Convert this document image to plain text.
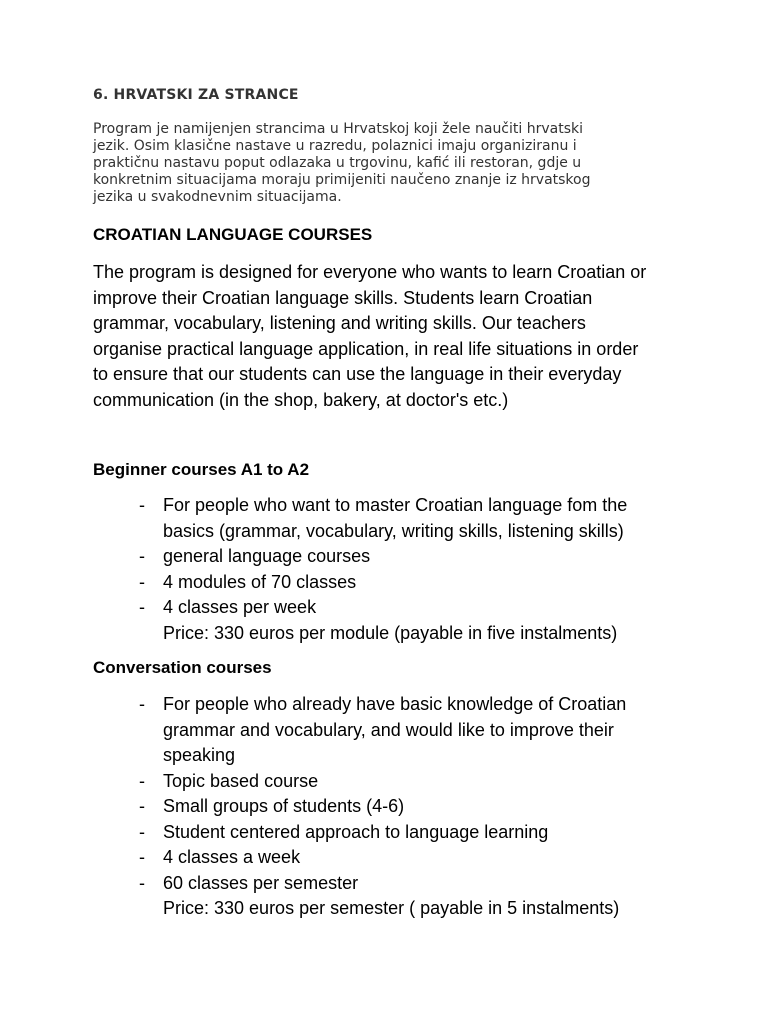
6. HRVATSKI ZA STRANCE
Program je namijenjen strancima u Hrvatskoj koji žele naučiti hrvatski
jezik. Osim klasične nastave u razredu, polaznici imaju organiziranu i
praktičnu nastavu poput odlazaka u trgovinu, kafić ili restoran, gdje u
konkretnim situacijama moraju primijeniti naučeno znanje iz hrvatskog
jezika u svakodnevnim situacijama.
CROATIAN LANGUAGE COURSES
The program is designed for everyone who wants to learn Croatian or
improve their Croatian language skills. Students learn Croatian
grammar, vocabulary, listening and writing skills. Our teachers
organise practical language application, in real life situations in order
to ensure that our students can use the language in their everyday
communication (in the shop, bakery, at doctor's etc.)
Beginner courses A1 to A2
- For people who want to master Croatian language fom the
basics (grammar, vocabulary, writing skills, listening skills)
- general language courses
- 4 modules of 70 classes
- 4 classes per week
Price: 330 euros per module (payable in five instalments)
Conversation courses
- For people who already have basic knowledge of Croatian
grammar and vocabulary, and would like to improve their
speaking
- Topic based course
- Small groups of students (4-6)
- Student centered approach to language learning
- 4 classes a week
- 60 classes per semester
Price: 330 euros per semester ( payable in 5 instalments)
